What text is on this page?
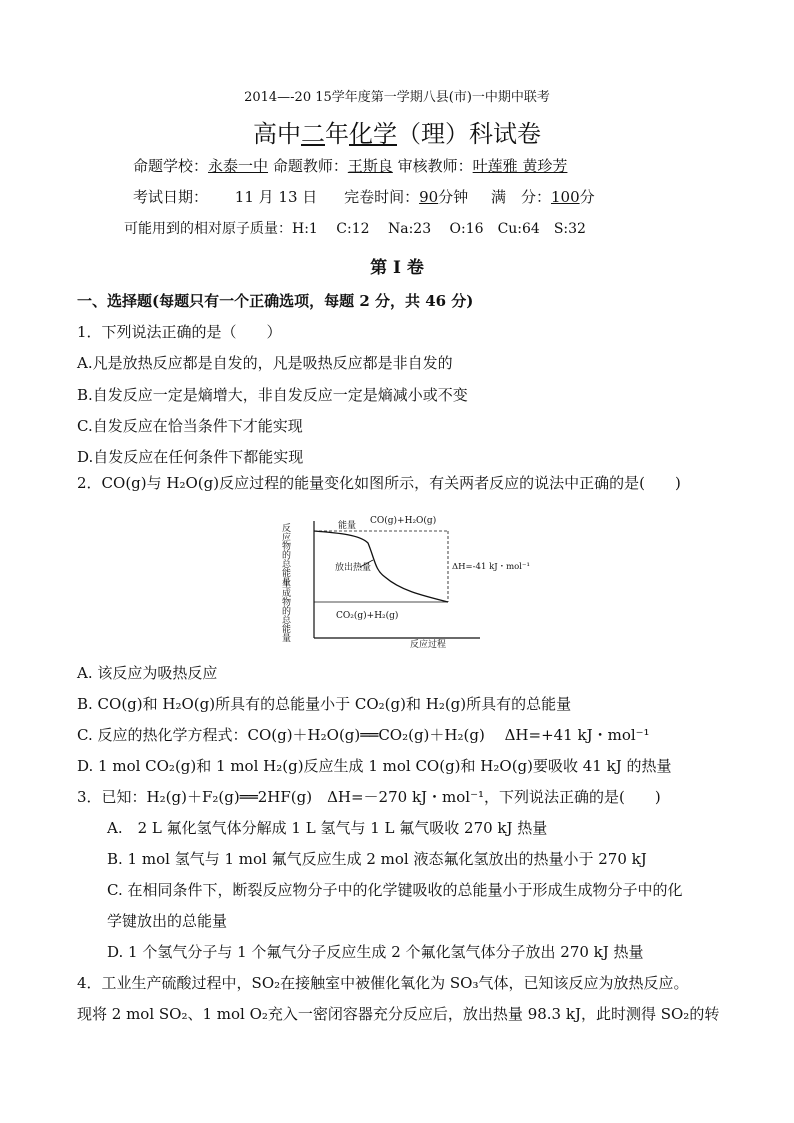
2014—-20 15学年度第一学期八县(市)一中期中联考
高中二年化学（理）科试卷
命题学校：永泰一中 命题教师：王斯良 审核教师：叶莲雅 黄珍芳
考试日期： 11 月 13 日 完卷时间：90分钟 满　分：100分
可能用到的相对原子质量：H:1　 C:12　 Na:23　 O:16　Cu:64　S:32
第 I 卷
一、选择题(每题只有一个正确选项，每题 2 分，共 46 分)
1．下列说法正确的是（　　）
A.凡是放热反应都是自发的，凡是吸热反应都是非自发的
B.自发反应一定是熵增大，非自发反应一定是熵减小或不变
C.自发反应在恰当条件下才能实现
D.自发反应在任何条件下都能实现
2．CO(g)与 H₂O(g)反应过程的能量变化如图所示，有关两者反应的说法中正确的是(　　)
反应物的总能量
生成物的总能量
能量 CO(g)+H₂O(g)
放出热量	ΔH=-41 kJ・mol⁻¹
CO₂(g)+H₂(g)
反应过程
A. 该反应为吸热反应
B. CO(g)和 H₂O(g)所具有的总能量小于 CO₂(g)和 H₂(g)所具有的总能量
C. 反应的热化学方程式：CO(g)＋H₂O(g)══CO₂(g)＋H₂(g)　 ΔH=+41 kJ・mol⁻¹
D. 1 mol CO₂(g)和 1 mol H₂(g)反应生成 1 mol CO(g)和 H₂O(g)要吸收 41 kJ 的热量
3．已知：H₂(g)＋F₂(g)══2HF(g)　ΔH=－270 kJ・mol⁻¹，下列说法正确的是(　　)
A.　2 L 氟化氢气体分解成 1 L 氢气与 1 L 氟气吸收 270 kJ 热量
B. 1 mol 氢气与 1 mol 氟气反应生成 2 mol 液态氟化氢放出的热量小于 270 kJ
C. 在相同条件下，断裂反应物分子中的化学键吸收的总能量小于形成生成物分子中的化
学键放出的总能量
D. 1 个氢气分子与 1 个氟气分子反应生成 2 个氟化氢气体分子放出 270 kJ 热量
4．工业生产硫酸过程中，SO₂在接触室中被催化氧化为 SO₃气体，已知该反应为放热反应。
现将 2 mol SO₂、1 mol O₂充入一密闭容器充分反应后，放出热量 98.3 kJ，此时测得 SO₂的转
